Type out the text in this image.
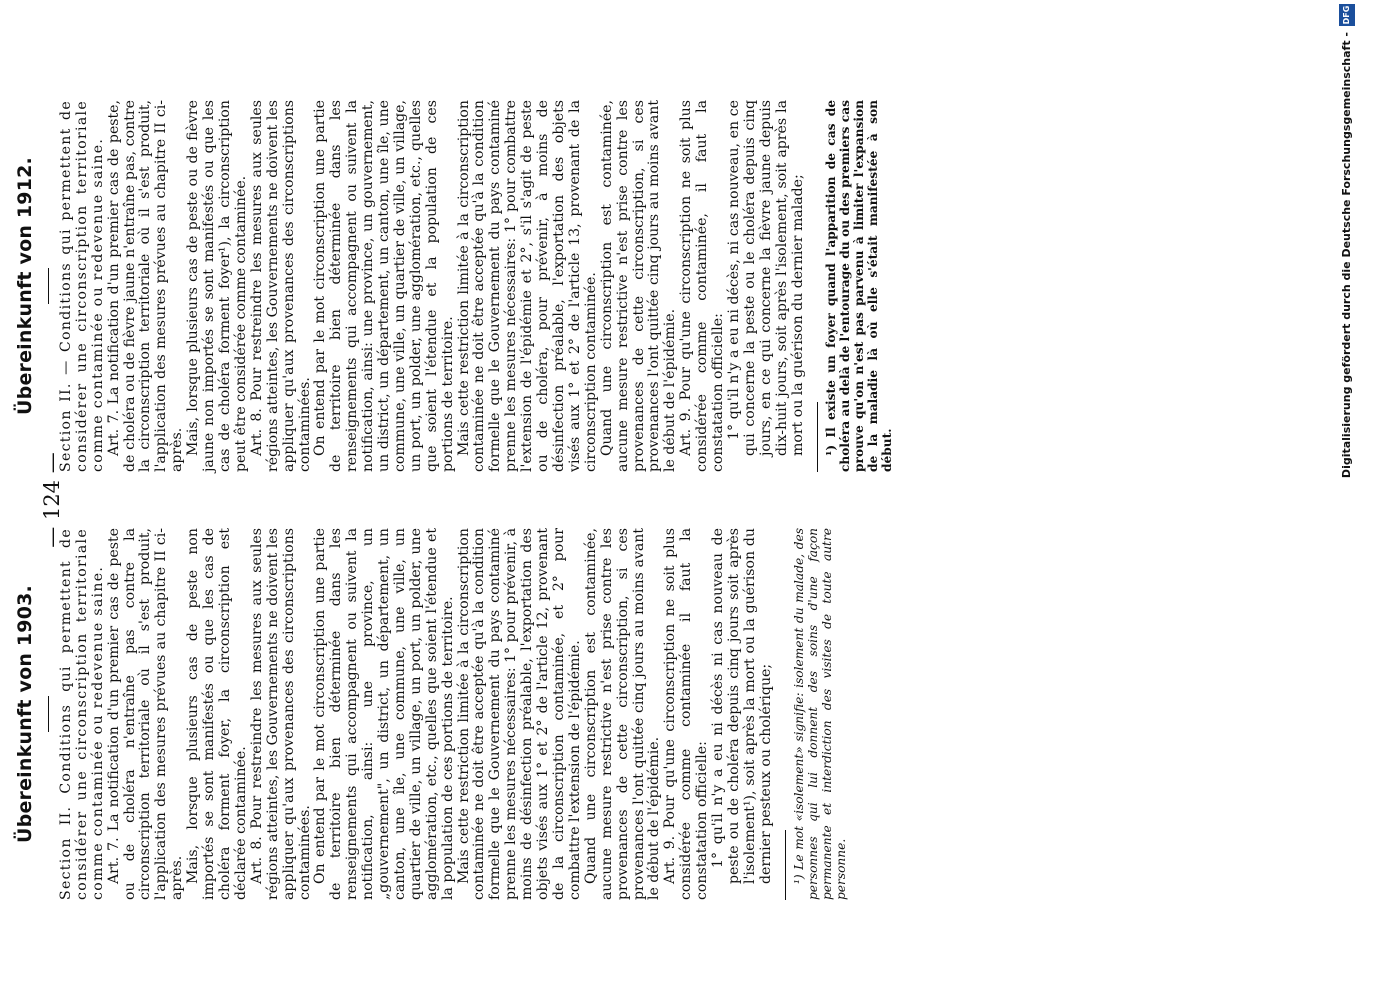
— 124 —
Übereinkunft von 1903. Section II. Conditions qui permettent de considérer une circonscription territoriale comme contaminée ou redevenue saine. Art. 7. La notification d'un premier cas de peste ou de choléra n'entraîne pas contre la circonscription territoriale où il s'est produit, l'application des mesures prévues au chapitre II ci-après. Mais, lorsque plusieurs cas de peste non importés se sont manifestés ou que les cas de choléra forment foyer, la circonscription est déclarée contaminée. Art. 8. Pour restreindre les mesures aux seules régions atteintes, les Gouvernements ne doivent les appliquer qu'aux provenances des circonscriptions contaminées. On entend par le mot circonscription une partie de territoire bien déterminée dans les renseignements qui accompagnent ou suivent la notification, ainsi: une province, un „gouvernement", un district, un département, un canton, une île, une commune, une ville, un quartier de ville, un village, un port, un polder, une agglomération, etc., quelles que soient l'étendue et la population de ces portions de territoire. Mais cette restriction limitée à la circonscription contaminée ne doit être acceptée qu'à la condition formelle que le Gouvernement du pays contaminé prenne les mesures nécessaires: 1° pour prévenir, à moins de désinfection préalable, l'exportation des objets visés aux 1° et 2° de l'article 12, provenant de la circonscription contaminée, et 2° pour combattre l'extension de l'épidémie. Quand une circonscription est contaminée, aucune mesure restrictive n'est prise contre les provenances de cette circonscription, si ces provenances l'ont quittée cinq jours au moins avant le début de l'épidémie. Art. 9. Pour qu'une circonscription ne soit plus considérée comme contaminée il faut la constatation officielle: 1° qu'il n'y a eu ni décès ni cas nouveau de peste ou de choléra depuis cinq jours soit après l'isolement¹), soit après la mort ou la guérison du dernier pesteux ou cholérique; ¹) Le mot «isolement» signifie: isolement du malade, des personnes qui lui donnent des soins d'une façon permanente et interdiction des visites de toute autre personne.

Übereinkunft von 1912. Section II. — Conditions qui permettent de considérer une circonscription territoriale comme contaminée ou redevenue saine. Art. 7. La notification d'un premier cas de peste, de choléra ou de fièvre jaune n'entraîne pas, contre la circonscription territoriale où il s'est produit, l'application des mesures prévues au chapitre II ci-après. Mais, lorsque plusieurs cas de peste ou de fièvre jaune non importés se sont manifestés ou que les cas de choléra forment foyer¹), la circonscription peut être considérée comme contaminée. Art. 8. Pour restreindre les mesures aux seules régions atteintes, les Gouvernements ne doivent les appliquer qu'aux provenances des circonscriptions contaminées. On entend par le mot circonscription une partie de territoire bien déterminée dans les renseignements qui accompagnent ou suivent la notification, ainsi: une province, un gouvernement, un district, un département, un canton, une île, une commune, une ville, un quartier de ville, un village, un port, un polder, une agglomération, etc., quelles que soient l'étendue et la population de ces portions de territoire. Mais cette restriction limitée à la circonscription contaminée ne doit être acceptée qu'à la condition formelle que le Gouvernement du pays contaminé prenne les mesures nécessaires: 1° pour combattre l'extension de l'épidémie et 2°, s'il s'agit de peste ou de choléra, pour prévenir, à moins de désinfection préalable, l'exportation des objets visés aux 1° et 2° de l'article 13, provenant de la circonscription contaminée. Quand une circonscription est contaminée, aucune mesure restrictive n'est prise contre les provenances de cette circonscription, si ces provenances l'ont quittée cinq jours au moins avant le début de l'épidémie. Art. 9. Pour qu'une circonscription ne soit plus considérée comme contaminée, il faut la constatation officielle: 1° qu'il n'y a eu ni décès, ni cas nouveau, en ce qui concerne la peste ou le choléra depuis cinq jours, en ce qui concerne la fièvre jaune depuis dix-huit jours, soit après l'isolement, soit après la mort ou la guérison du dernier malade; ¹) Il existe un foyer quand l'apparition de cas de choléra au delà de l'entourage du ou des premiers cas prouve qu'on n'est pas parvenu à limiter l'expansion de la maladie là où elle s'était manifestée à son début.	Digitalisierung gefördert durch die Deutsche Forschungsgemeinschaft -
DFG
